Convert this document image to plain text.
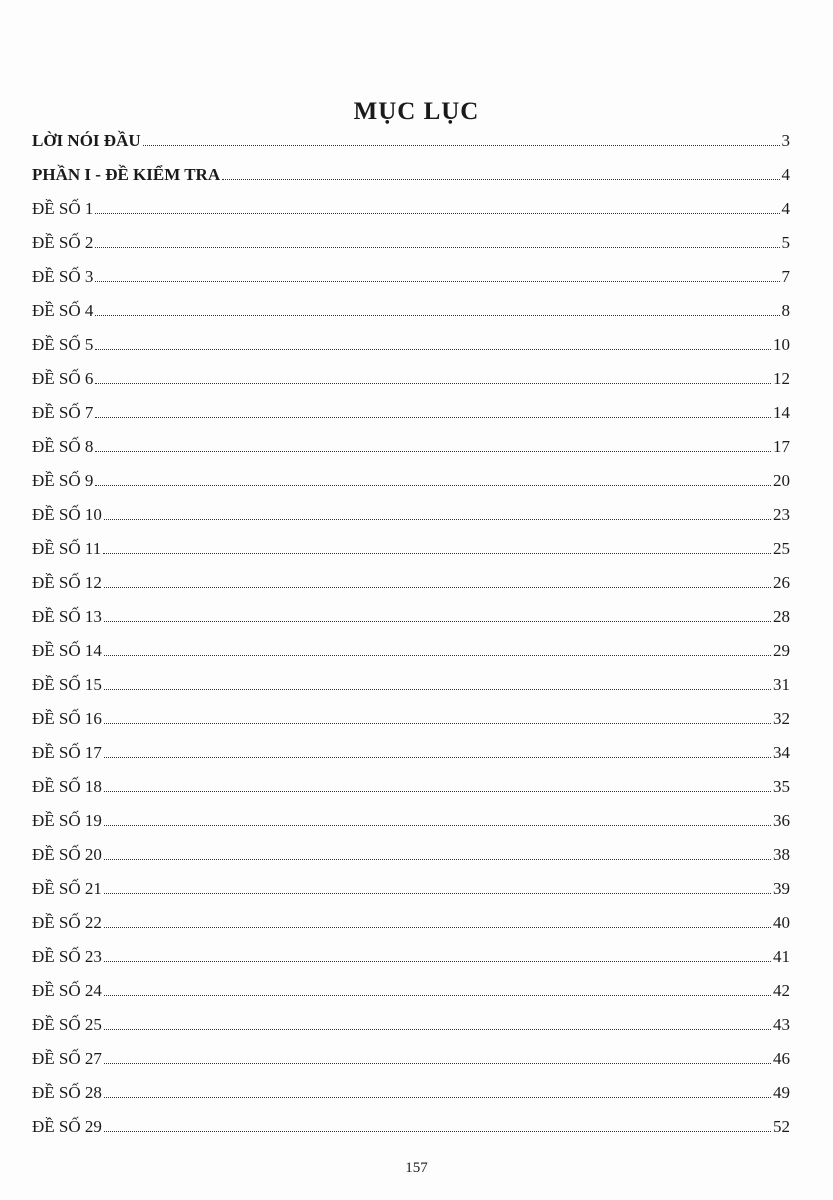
MỤC LỤC
LỜI NÓI ĐẦU	3
PHẦN I - ĐỀ KIỂM TRA	4
ĐỀ SỐ 1	4
ĐỀ SỐ 2	5
ĐỀ SỐ 3	7
ĐỀ SỐ 4	8
ĐỀ SỐ 5	10
ĐỀ SỐ 6	12
ĐỀ SỐ 7	14
ĐỀ SỐ 8	17
ĐỀ SỐ 9	20
ĐỀ SỐ 10	23
ĐỀ SỐ 11	25
ĐỀ SỐ 12	26
ĐỀ SỐ 13	28
ĐỀ SỐ 14	29
ĐỀ SỐ 15	31
ĐỀ SỐ 16	32
ĐỀ SỐ 17	34
ĐỀ SỐ 18	35
ĐỀ SỐ 19	36
ĐỀ SỐ 20	38
ĐỀ SỐ 21	39
ĐỀ SỐ 22	40
ĐỀ SỐ 23	41
ĐỀ SỐ 24	42
ĐỀ SỐ 25	43
ĐỀ SỐ 27	46
ĐỀ SỐ 28	49
ĐỀ SỐ 29	52
157
